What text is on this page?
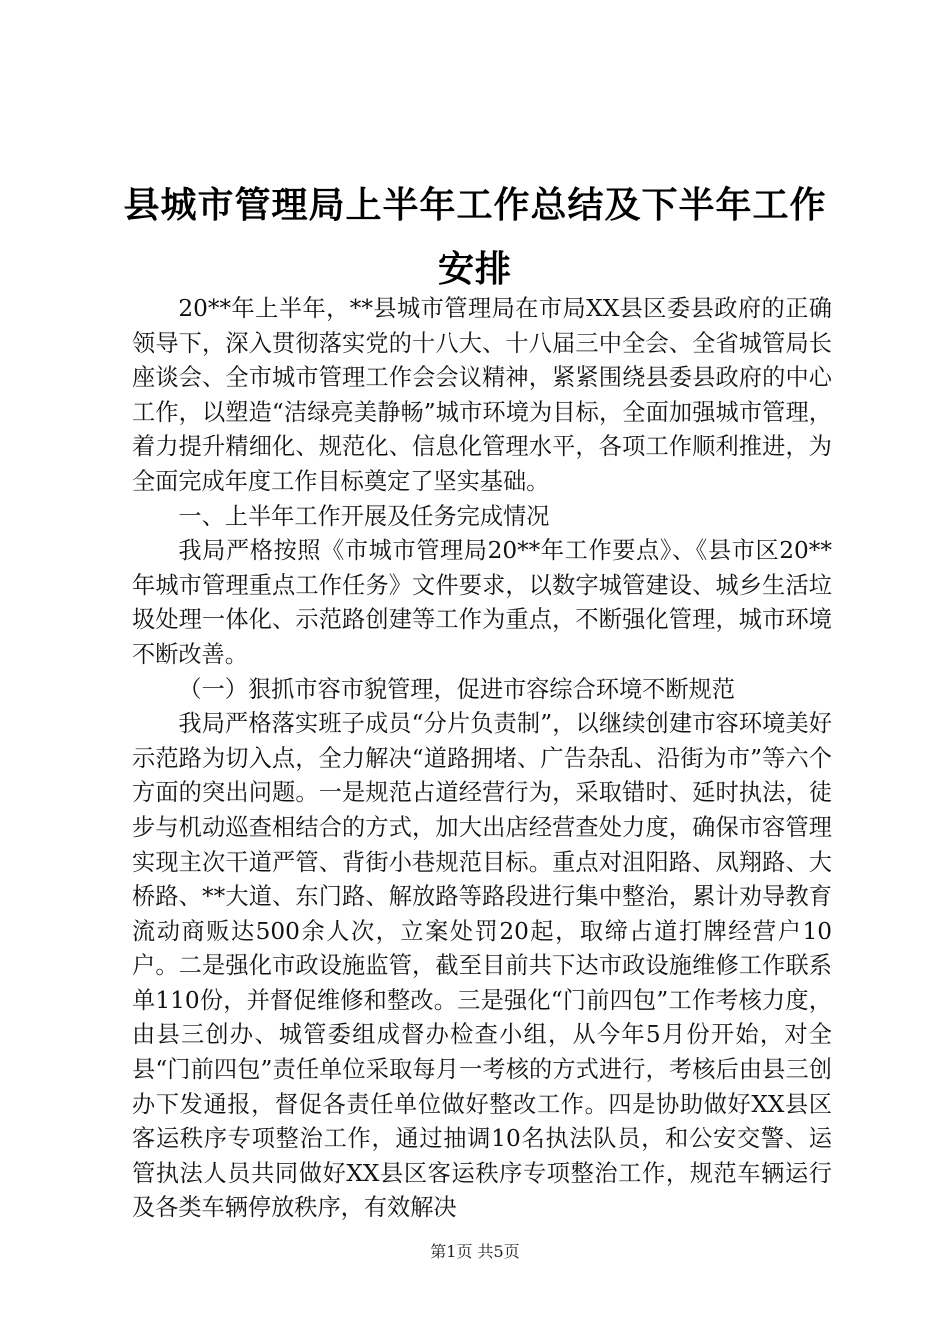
县城市管理局上半年工作总结及下半年工作安排

20**年上半年，**县城市管理局在市局XX县区委县政府的正确领导下，深入贯彻落实党的十八大、十八届三中全会、全省城管局长座谈会、全市城市管理工作会会议精神，紧紧围绕县委县政府的中心工作，以塑造“洁绿亮美静畅”城市环境为目标，全面加强城市管理，着力提升精细化、规范化、信息化管理水平，各项工作顺利推进，为全面完成年度工作目标奠定了坚实基础。

一、上半年工作开展及任务完成情况

我局严格按照《市城市管理局20**年工作要点》、《县市区20**年城市管理重点工作任务》文件要求，以数字城管建设、城乡生活垃圾处理一体化、示范路创建等工作为重点，不断强化管理，城市环境不断改善。

（一）狠抓市容市貌管理，促进市容综合环境不断规范

我局严格落实班子成员“分片负责制”，以继续创建市容环境美好示范路为切入点，全力解决“道路拥堵、广告杂乱、沿街为市”等六个方面的突出问题。一是规范占道经营行为，采取错时、延时执法，徒步与机动巡查相结合的方式，加大出店经营查处力度，确保市容管理实现主次干道严管、背街小巷规范目标。重点对沮阳路、凤翔路、大桥路、**大道、东门路、解放路等路段进行集中整治，累计劝导教育流动商贩达500余人次，立案处罚20起，取缔占道打牌经营户10户。二是强化市政设施监管，截至目前共下达市政设施维修工作联系单110份，并督促维修和整改。三是强化“门前四包”工作考核力度，由县三创办、城管委组成督办检查小组，从今年5月份开始，对全县“门前四包”责任单位采取每月一考核的方式进行，考核后由县三创办下发通报，督促各责任单位做好整改工作。四是协助做好XX县区客运秩序专项整治工作，通过抽调10名执法队员，和公安交警、运管执法人员共同做好XX县区客运秩序专项整治工作，规范车辆运行及各类车辆停放秩序，有效解决

第1页 共5页
